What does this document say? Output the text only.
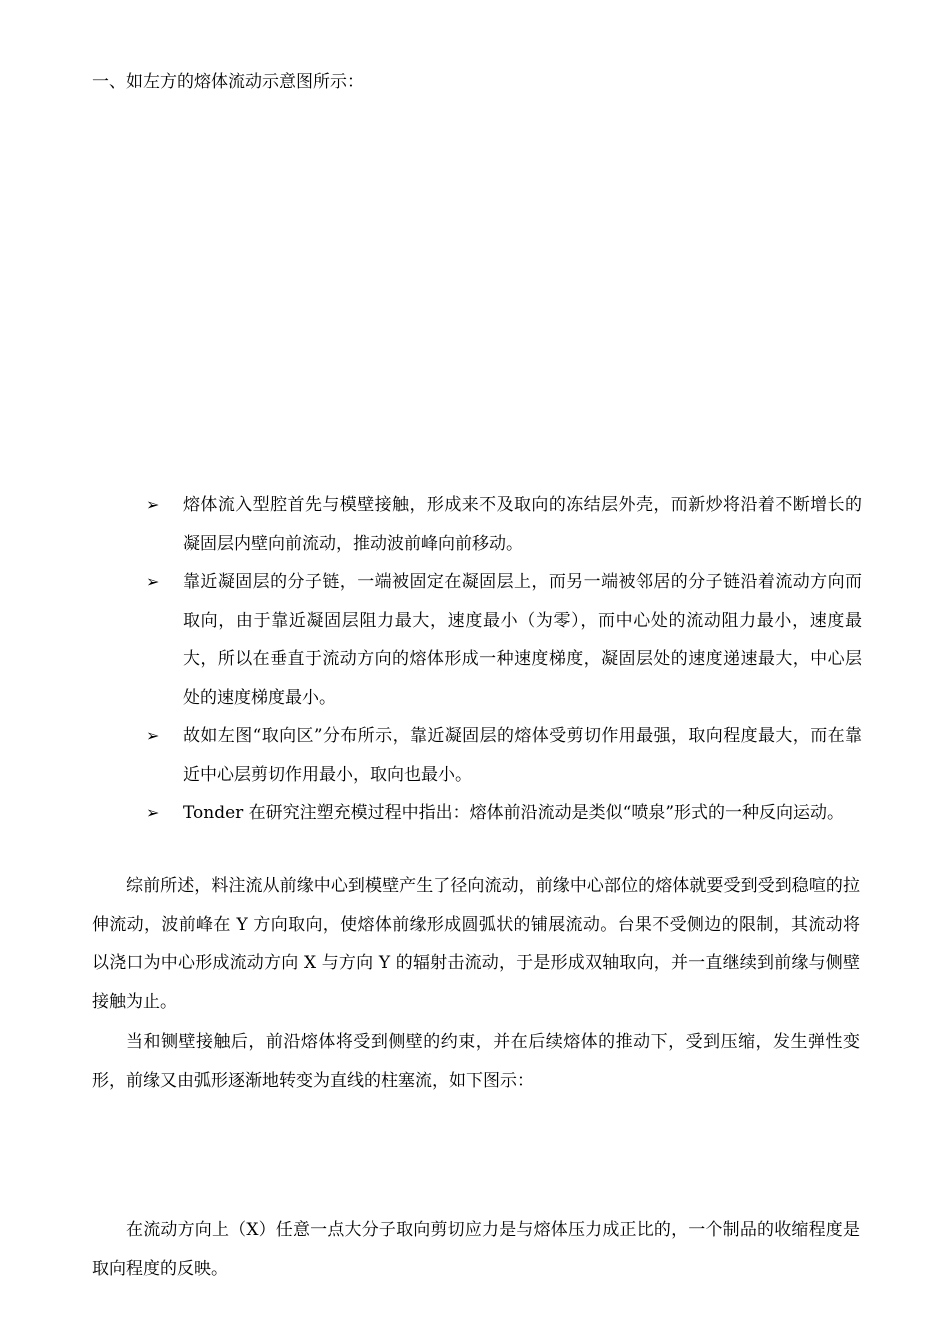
一、如左方的熔体流动示意图所示：
➢ 熔体流入型腔首先与模壁接触，形成来不及取向的冻结层外壳，而新炒将沿着不断增长的凝固层内壁向前流动，推动波前峰向前移动。
➢ 靠近凝固层的分子链，一端被固定在凝固层上，而另一端被邻居的分子链沿着流动方向而取向，由于靠近凝固层阻力最大，速度最小（为零），而中心处的流动阻力最小，速度最大，所以在垂直于流动方向的熔体形成一种速度梯度，凝固层处的速度递速最大，中心层处的速度梯度最小。
➢ 故如左图“取向区”分布所示，靠近凝固层的熔体受剪切作用最强，取向程度最大，而在靠近中心层剪切作用最小，取向也最小。
➢ Tonder 在研究注塑充模过程中指出：熔体前沿流动是类似“喷泉”形式的一种反向运动。
综前所述，料注流从前缘中心到模壁产生了径向流动，前缘中心部位的熔体就要受到受到稳喧的拉伸流动，波前峰在 Y 方向取向，使熔体前缘形成圆弧状的铺展流动。台果不受侧边的限制，其流动将以浇口为中心形成流动方向 X 与方向 Y 的辐射击流动，于是形成双轴取向，并一直继续到前缘与侧壁接触为止。
当和铡壁接触后，前沿熔体将受到侧壁的约束，并在后续熔体的推动下，受到压缩，发生弹性变形，前缘又由弧形逐渐地转变为直线的柱塞流，如下图示：
在流动方向上（X）任意一点大分子取向剪切应力是与熔体压力成正比的，一个制品的收缩程度是取向程度的反映。
